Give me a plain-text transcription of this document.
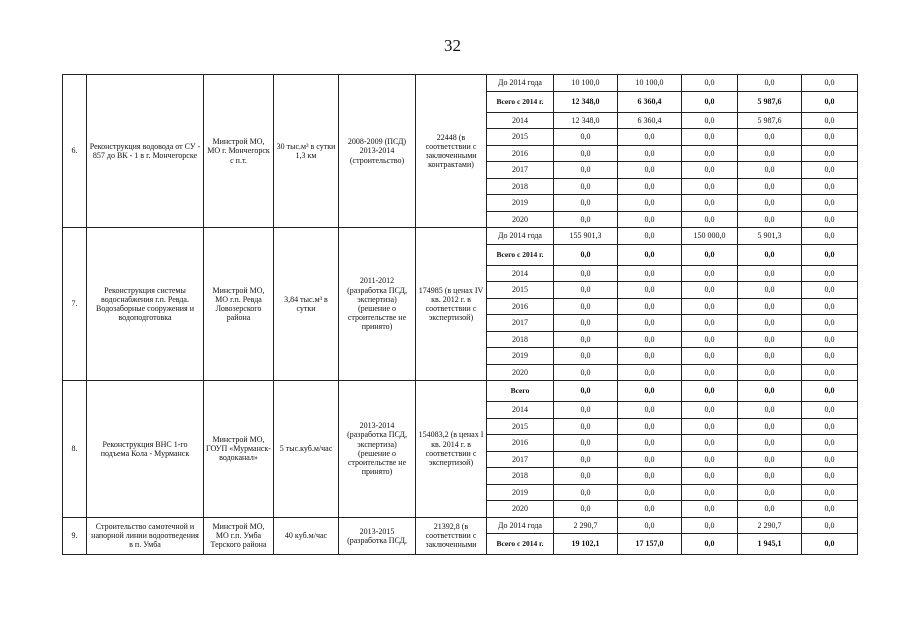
32
6.	Реконструкция водовода от СУ - 857 до ВК - 1 в г. Мончегорске	Минстрой МО, МО г. Мончегорск с п.т.	30 тыс.м³ в сутки 1,3 км	2008-2009 (ПСД) 2013-2014 (строительство)	22448 (в соответствии с заключенными контрактами)	До 2014 года	10 100,0	10 100,0	0,0	0,0	0,0
						Всего с 2014 г.	12 348,0	6 360,4	0,0	5 987,6	0,0
						2014	12 348,0	6 360,4	0,0	5 987,6	0,0
						2015	0,0	0,0	0,0	0,0	0,0
						2016	0,0	0,0	0,0	0,0	0,0
						2017	0,0	0,0	0,0	0,0	0,0
						2018	0,0	0,0	0,0	0,0	0,0
						2019	0,0	0,0	0,0	0,0	0,0
						2020	0,0	0,0	0,0	0,0	0,0
7.	Реконструкция системы водоснабжения г.п. Ревда. Водозаборные сооружения и водоподготовка	Минстрой МО, МО г.п. Ревда Ловозерского района	3,84 тыс.м³ в сутки	2011-2012 (разработка ПСД, экспертиза) (решение о строительстве не принято)	174985 (в ценах IV кв. 2012 г. в соответствии с экспертизой)	До 2014 года	155 901,3	0,0	150 000,0	5 901,3	0,0
						Всего с 2014 г.	0,0	0,0	0,0	0,0	0,0
						2014	0,0	0,0	0,0	0,0	0,0
						2015	0,0	0,0	0,0	0,0	0,0
						2016	0,0	0,0	0,0	0,0	0,0
						2017	0,0	0,0	0,0	0,0	0,0
						2018	0,0	0,0	0,0	0,0	0,0
						2019	0,0	0,0	0,0	0,0	0,0
						2020	0,0	0,0	0,0	0,0	0,0
8.	Реконструкция ВНС 1-го подъема Кола - Мурманск	Минстрой МО, ГОУП «Мурманск-водоканал»	5 тыс.куб.м/час	2013-2014 (разработка ПСД, экспертиза) (решение о строительстве не принято)	154083,2 (в ценах I кв. 2014 г. в соответствии с экспертизой)	Всего	0,0	0,0	0,0	0,0	0,0
						2014	0,0	0,0	0,0	0,0	0,0
						2015	0,0	0,0	0,0	0,0	0,0
						2016	0,0	0,0	0,0	0,0	0,0
						2017	0,0	0,0	0,0	0,0	0,0
						2018	0,0	0,0	0,0	0,0	0,0
						2019	0,0	0,0	0,0	0,0	0,0
						2020	0,0	0,0	0,0	0,0	0,0
9.	Строительство самотечной и напорной линии водоотведения в п. Умба	Минстрой МО, МО г.п. Умба Терского района	40 куб.м/час	2013-2015 (разработка ПСД,	21392,8 (в соответствии с заключенными	До 2014 года	2 290,7	0,0	0,0	2 290,7	0,0
						Всего с 2014 г.	19 102,1	17 157,0	0,0	1 945,1	0,0
